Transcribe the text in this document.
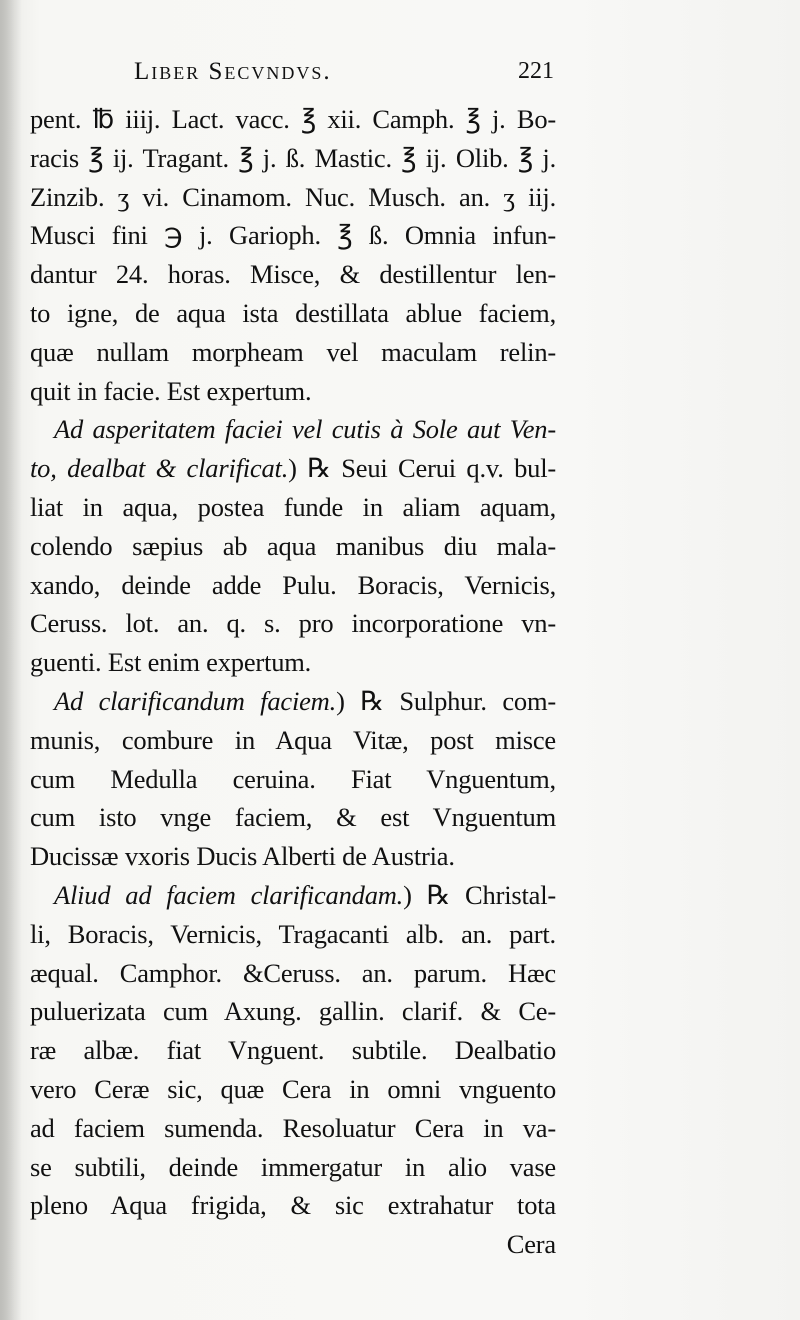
Liber Secvndvs.	221
pent. ℔ iiij. Lact. vacc. ℥ xii. Camph. ℥ j. Bo-
racis ℥ ij. Tragant. ℥ j. ß. Mastic. ℥ ij. Olib. ℥ j.
Zinzib. ʒ vi. Cinamom. Nuc. Musch. an. ʒ iij.
Musci fini ℈ j. Garioph. ℥ ß. Omnia infun-
dantur 24. horas. Misce, & destillentur len-
to igne, de aqua ista destillata ablue faciem,
quæ nullam morpheam vel maculam relin-
quit in facie. Est expertum.
Ad asperitatem faciei vel cutis à Sole aut Ven-
to, dealbat & clarificat.) ℞ Seui Cerui q.v. bul-
liat in aqua, postea funde in aliam aquam,
colendo sæpius ab aqua manibus diu mala-
xando, deinde adde Pulu. Boracis, Vernicis,
Ceruss. lot. an. q. s. pro incorporatione vn-
guenti. Est enim expertum.
Ad clarificandum faciem.) ℞ Sulphur. com-
munis, combure in Aqua Vitæ, post misce
cum Medulla ceruina. Fiat Vnguentum,
cum isto vnge faciem, & est Vnguentum
Ducissæ vxoris Ducis Alberti de Austria.
Aliud ad faciem clarificandam.) ℞ Christal-
li, Boracis, Vernicis, Tragacanti alb. an. part.
æqual. Camphor. &Ceruss. an. parum. Hæc
puluerizata cum Axung. gallin. clarif. & Ce-
ræ albæ. fiat Vnguent. subtile. Dealbatio
vero Ceræ sic, quæ Cera in omni vnguento
ad faciem sumenda. Resoluatur Cera in va-
se subtili, deinde immergatur in alio vase
pleno Aqua frigida, & sic extrahatur tota
Cera
